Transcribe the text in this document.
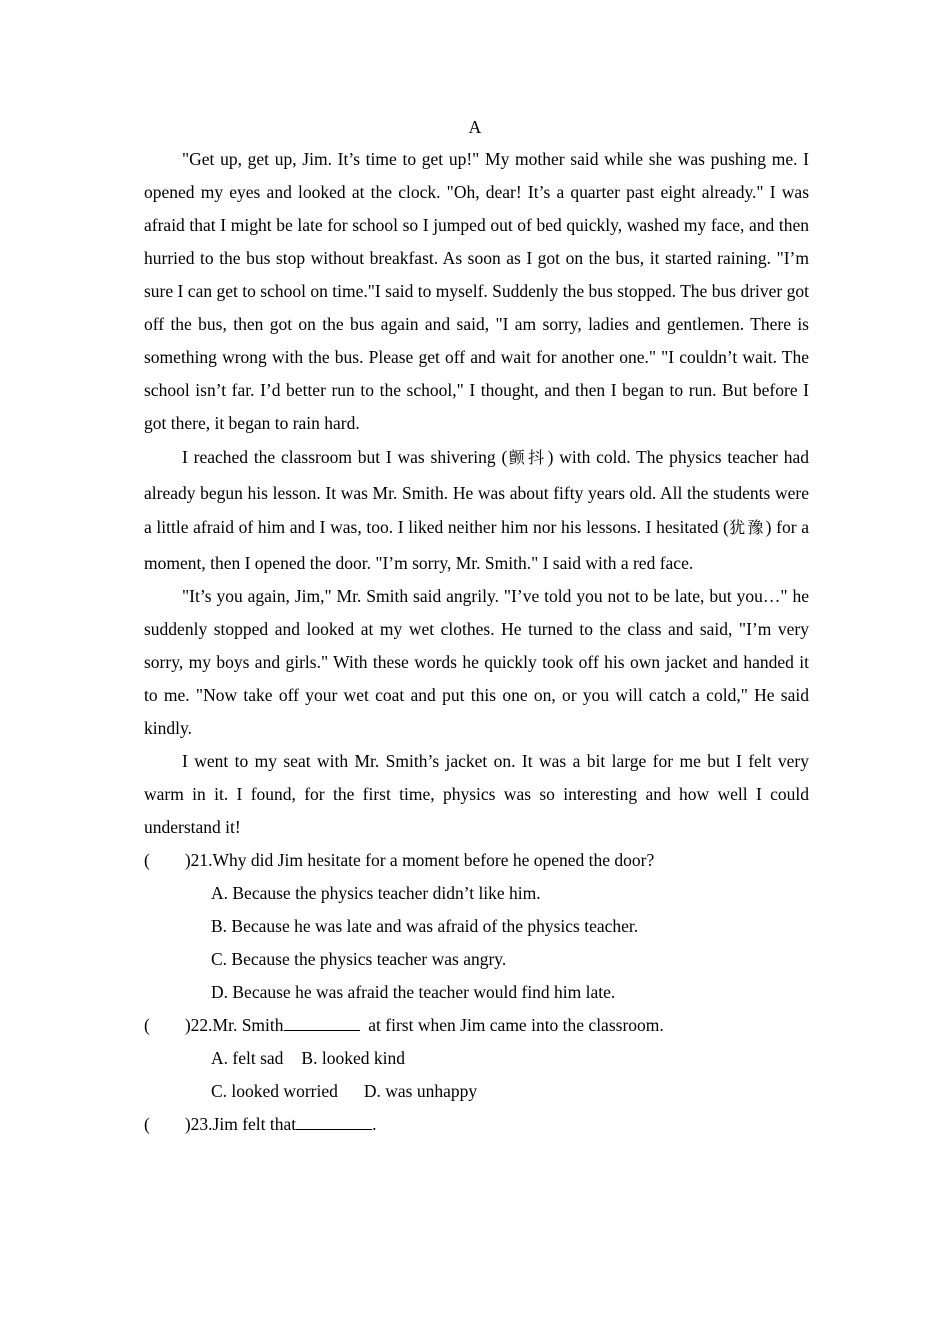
A

"Get up, get up, Jim. It’s time to get up!" My mother said while she was pushing me. I opened my eyes and looked at the clock. "Oh, dear! It’s a quarter past eight already." I was afraid that I might be late for school so I jumped out of bed quickly, washed my face, and then hurried to the bus stop without breakfast. As soon as I got on the bus, it started raining. "I’m sure I can get to school on time."I said to myself. Suddenly the bus stopped. The bus driver got off the bus, then got on the bus again and said, "I am sorry, ladies and gentlemen. There is something wrong with the bus. Please get off and wait for another one." "I couldn’t wait. The school isn’t far. I’d better run to the school," I thought, and then I began to run. But before I got there, it began to rain hard.

I reached the classroom but I was shivering (颤抖) with cold. The physics teacher had already begun his lesson. It was Mr. Smith. He was about fifty years old. All the students were a little afraid of him and I was, too. I liked neither him nor his lessons. I hesitated (犹豫) for a moment, then I opened the door. "I’m sorry, Mr. Smith." I said with a red face.

"It’s you again, Jim," Mr. Smith said angrily. "I’ve told you not to be late, but you…" he suddenly stopped and looked at my wet clothes. He turned to the class and said, "I’m very sorry, my boys and girls." With these words he quickly took off his own jacket and handed it to me. "Now take off your wet coat and put this one on, or you will catch a cold," He said kindly.

I went to my seat with Mr. Smith’s jacket on. It was a bit large for me but I felt very warm in it. I found, for the first time, physics was so interesting and how well I could understand it!

(        )21.Why did Jim hesitate for a moment before he opened the door?

A. Because the physics teacher didn’t like him.

B. Because he was late and was afraid of the physics teacher.

C. Because the physics teacher was angry.

D. Because he was afraid the teacher would find him late.

(        )22.Mr. Smith	at first when Jim came into the classroom.

A. felt sad B. looked kind

C. looked worried D. was unhappy

(        )23.Jim felt that	.
